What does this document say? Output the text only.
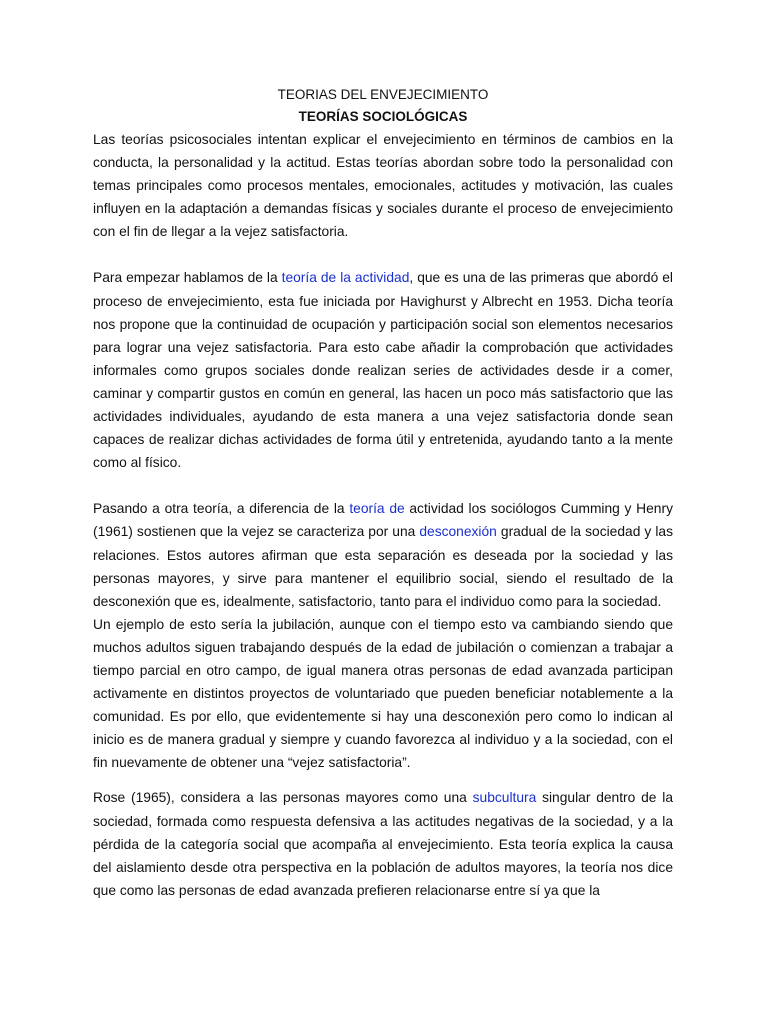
TEORIAS DEL ENVEJECIMIENTO
TEORÍAS SOCIOLÓGICAS

Las teorías psicosociales intentan explicar el envejecimiento en términos de cambios en la conducta, la personalidad y la actitud. Estas teorías abordan sobre todo la personalidad con temas principales como procesos mentales, emocionales, actitudes y motivación, las cuales influyen en la adaptación a demandas físicas y sociales durante el proceso de envejecimiento con el fin de llegar a la vejez satisfactoria.

Para empezar hablamos de la teoría de la actividad, que es una de las primeras que abordó el proceso de envejecimiento, esta fue iniciada por Havighurst y Albrecht en 1953. Dicha teoría nos propone que la continuidad de ocupación y participación social son elementos necesarios para lograr una vejez satisfactoria. Para esto cabe añadir la comprobación que actividades informales como grupos sociales donde realizan series de actividades desde ir a comer, caminar y compartir gustos en común en general, las hacen un poco más satisfactorio que las actividades individuales, ayudando de esta manera a una vejez satisfactoria donde sean capaces de realizar dichas actividades de forma útil y entretenida, ayudando tanto a la mente como al físico.

Pasando a otra teoría, a diferencia de la teoría de actividad los sociólogos Cumming y Henry (1961) sostienen que la vejez se caracteriza por una desconexión gradual de la sociedad y las relaciones. Estos autores afirman que esta separación es deseada por la sociedad y las personas mayores, y sirve para mantener el equilibrio social, siendo el resultado de la desconexión que es, idealmente, satisfactorio, tanto para el individuo como para la sociedad.

Un ejemplo de esto sería la jubilación, aunque con el tiempo esto va cambiando siendo que muchos adultos siguen trabajando después de la edad de jubilación o comienzan a trabajar a tiempo parcial en otro campo, de igual manera otras personas de edad avanzada participan activamente en distintos proyectos de voluntariado que pueden beneficiar notablemente a la comunidad. Es por ello, que evidentemente si hay una desconexión pero como lo indican al inicio es de manera gradual y siempre y cuando favorezca al individuo y a la sociedad, con el fin nuevamente de obtener una “vejez satisfactoria”.

Rose (1965), considera a las personas mayores como una subcultura singular dentro de la sociedad, formada como respuesta defensiva a las actitudes negativas de la sociedad, y a la pérdida de la categoría social que acompaña al envejecimiento. Esta teoría explica la causa del aislamiento desde otra perspectiva en la población de adultos mayores, la teoría nos dice que como las personas de edad avanzada prefieren relacionarse entre sí ya que la
